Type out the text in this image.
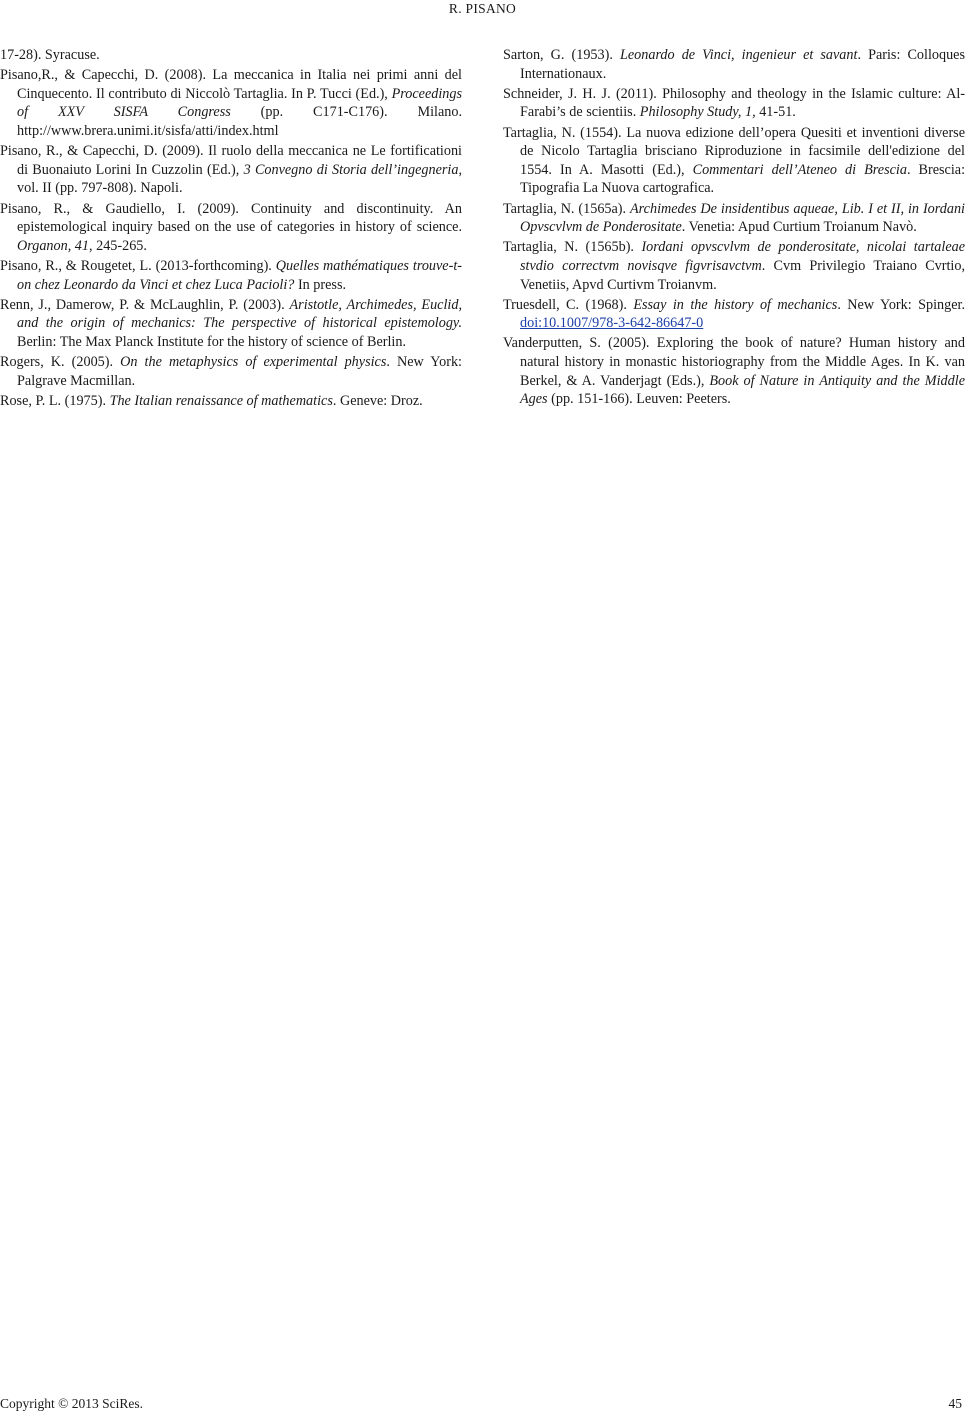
R. PISANO

17-28). Syracuse.

Pisano,R., & Capecchi, D. (2008). La meccanica in Italia nei primi anni del Cinquecento. Il contributo di Niccolò Tartaglia. In P. Tucci (Ed.), Proceedings of XXV SISFA Congress (pp. C171-C176). Milano. http://www.brera.unimi.it/sisfa/atti/index.html

Pisano, R., & Capecchi, D. (2009). Il ruolo della meccanica ne Le fortificationi di Buonaiuto Lorini In Cuzzolin (Ed.), 3 Convegno di Storia dell’ingegneria, vol. II (pp. 797-808). Napoli.

Pisano, R., & Gaudiello, I. (2009). Continuity and discontinuity. An epistemological inquiry based on the use of categories in history of science. Organon, 41, 245-265.

Pisano, R., & Rougetet, L. (2013-forthcoming). Quelles mathématiques trouve-t-on chez Leonardo da Vinci et chez Luca Pacioli? In press.

Renn, J., Damerow, P. & McLaughlin, P. (2003). Aristotle, Archimedes, Euclid, and the origin of mechanics: The perspective of historical epistemology. Berlin: The Max Planck Institute for the history of science of Berlin.

Rogers, K. (2005). On the metaphysics of experimental physics. New York: Palgrave Macmillan.

Rose, P. L. (1975). The Italian renaissance of mathematics. Geneve: Droz.

Sarton, G. (1953). Leonardo de Vinci, ingenieur et savant. Paris: Colloques Internationaux.

Schneider, J. H. J. (2011). Philosophy and theology in the Islamic culture: Al-Farabi’s de scientiis. Philosophy Study, 1, 41-51.

Tartaglia, N. (1554). La nuova edizione dell’opera Quesiti et inventioni diverse de Nicolo Tartaglia brisciano Riproduzione in facsimile dell'edizione del 1554. In A. Masotti (Ed.), Commentari dell’Ateneo di Brescia. Brescia: Tipografia La Nuova cartografica.

Tartaglia, N. (1565a). Archimedes De insidentibus aqueae, Lib. I et II, in Iordani Opvscvlvm de Ponderositate. Venetia: Apud Curtium Troianum Navò.

Tartaglia, N. (1565b). Iordani opvscvlvm de ponderositate, nicolai tartaleae stvdio correctvm novisqve figvrisavctvm. Cvm Privilegio Traiano Cvrtio, Venetiis, Apvd Curtivm Troianvm.

Truesdell, C. (1968). Essay in the history of mechanics. New York: Spinger. doi:10.1007/978-3-642-86647-0

Vanderputten, S. (2005). Exploring the book of nature? Human history and natural history in monastic historiography from the Middle Ages. In K. van Berkel, & A. Vanderjagt (Eds.), Book of Nature in Antiquity and the Middle Ages (pp. 151-166). Leuven: Peeters.

Copyright © 2013 SciRes.	45
